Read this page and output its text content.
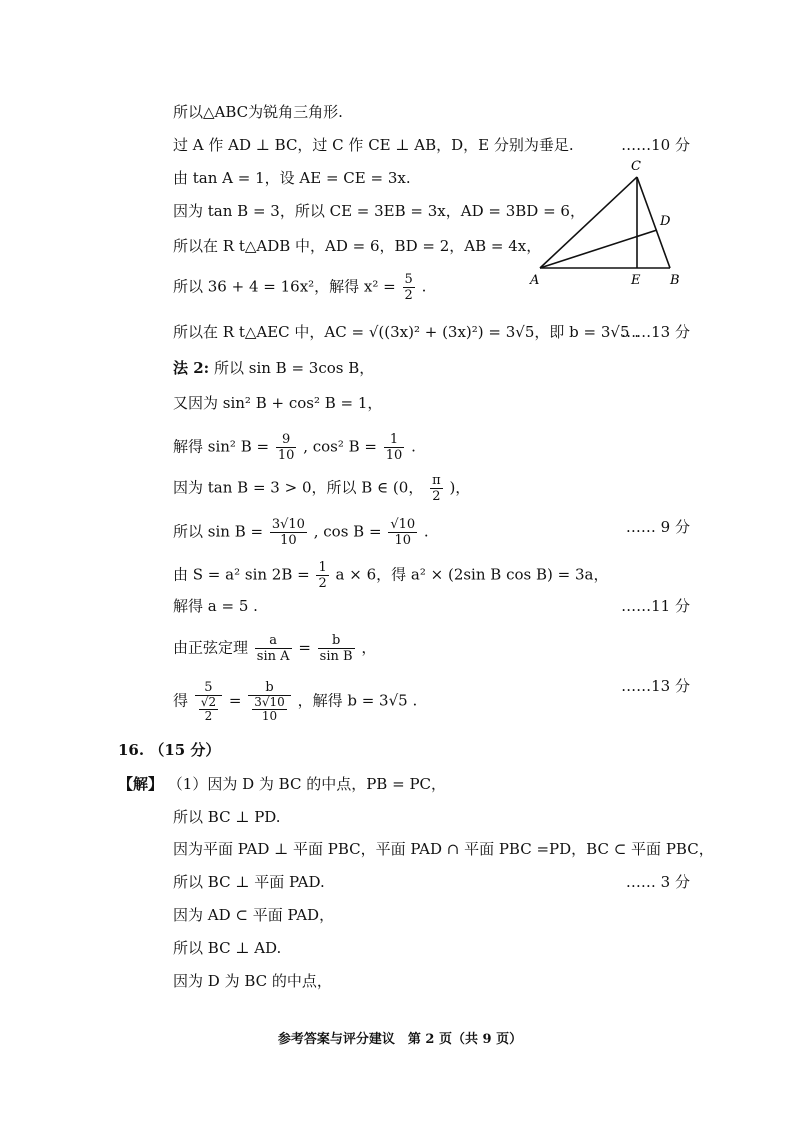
所以△ABC为锐角三角形.
过 A 作 AD ⊥ BC，过 C 作 CE ⊥ AB，D，E 分别为垂足.	……10 分
由 tan A = 1，设 AE = CE = 3x.
因为 tan B = 3，所以 CE = 3EB = 3x，AD = 3BD = 6，
所以在 R t△ADB 中，AD = 6，BD = 2，AB = 4x，
所以 36 + 4 = 16x²，解得 $x^2 = \frac{5}{2}$ .
所以在 R t△AEC 中，AC = √((3x)² + (3x)²) = 3√5，即 b = 3√5 .
……13 分
法 2: 所以 sin B = 3cos B，
又因为 sin² B + cos² B = 1，
解得 sin² $B = \frac{9}{10}$ , cos² $B = \frac{1}{10}$ .
因为 tan B = 3 > 0，所以 B ∈ (0， $\frac{\pi}{2}$ )，
所以 $\sin B = \frac{3√10}{10}$ , $\cos B = \frac{√10}{10}$ .	…… 9 分
由 S = a² $\sin 2B = \frac{1}{2}$ a × 6，得 a² × (2sin B cos B) = 3a，
解得 a = 5 .	……11 分
由正弦定理 $\frac{a}{\text{sin A}} = \frac{b}{\text{sin B}}$ ，
得 $\frac{5}{\frac{√2}{2}} = \frac{b}{\frac{3√10}{10}}$ ，解得 b = 3√5 .
……13 分
16. （15 分）
【解】 （1）因为 D 为 BC 的中点，PB = PC，
所以 BC ⊥ PD.
因为平面 PAD ⊥ 平面 PBC，平面 PAD ∩ 平面 PBC =PD，BC ⊂ 平面 PBC，
所以 BC ⊥ 平面 PAD.	…… 3 分
因为 AD ⊂ 平面 PAD，
所以 BC ⊥ AD.
因为 D 为 BC 的中点，
C
D
A	E B
参考答案与评分建议　第 2 页（共 9 页）
